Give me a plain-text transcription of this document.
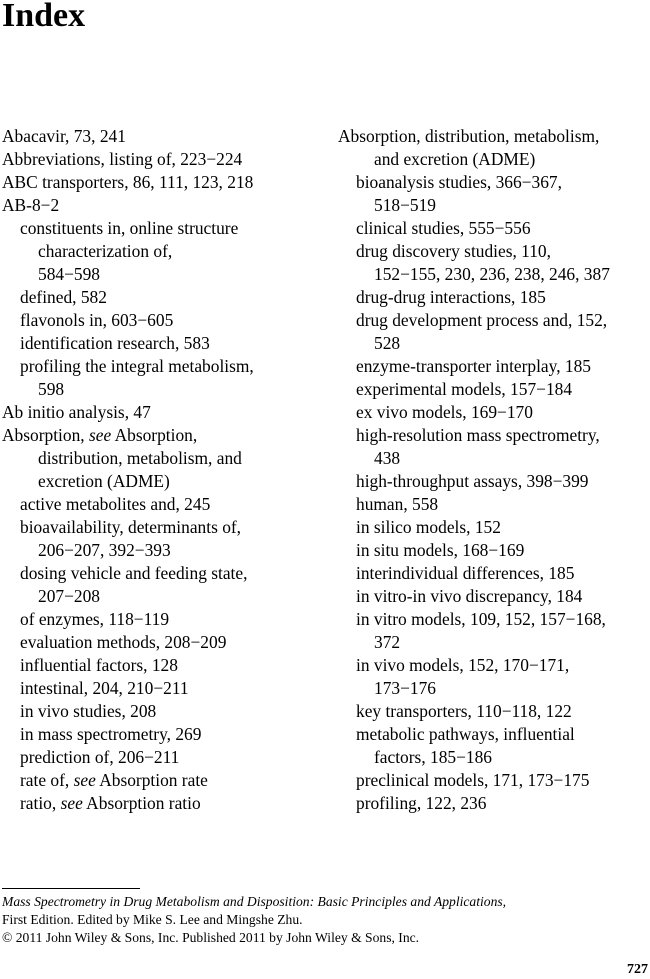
Index
Abacavir, 73, 241
Abbreviations, listing of, 223−224
ABC transporters, 86, 111, 123, 218
AB-8−2
constituents in, online structure
characterization of,
584−598
defined, 582
flavonols in, 603−605
identification research, 583
profiling the integral metabolism,
598
Ab initio analysis, 47
Absorption, see Absorption,
distribution, metabolism, and
excretion (ADME)
active metabolites and, 245
bioavailability, determinants of,
206−207, 392−393
dosing vehicle and feeding state,
207−208
of enzymes, 118−119
evaluation methods, 208−209
influential factors, 128
intestinal, 204, 210−211
in vivo studies, 208
in mass spectrometry, 269
prediction of, 206−211
rate of, see Absorption rate
ratio, see Absorption ratio
Absorption, distribution, metabolism,
and excretion (ADME)
bioanalysis studies, 366−367,
518−519
clinical studies, 555−556
drug discovery studies, 110,
152−155, 230, 236, 238, 246, 387
drug-drug interactions, 185
drug development process and, 152,
528
enzyme-transporter interplay, 185
experimental models, 157−184
ex vivo models, 169−170
high-resolution mass spectrometry,
438
high-throughput assays, 398−399
human, 558
in silico models, 152
in situ models, 168−169
interindividual differences, 185
in vitro-in vivo discrepancy, 184
in vitro models, 109, 152, 157−168,
372
in vivo models, 152, 170−171,
173−176
key transporters, 110−118, 122
metabolic pathways, influential
factors, 185−186
preclinical models, 171, 173−175
profiling, 122, 236
Mass Spectrometry in Drug Metabolism and Disposition: Basic Principles and Applications,
First Edition. Edited by Mike S. Lee and Mingshe Zhu.
© 2011 John Wiley & Sons, Inc. Published 2011 by John Wiley & Sons, Inc.
727
